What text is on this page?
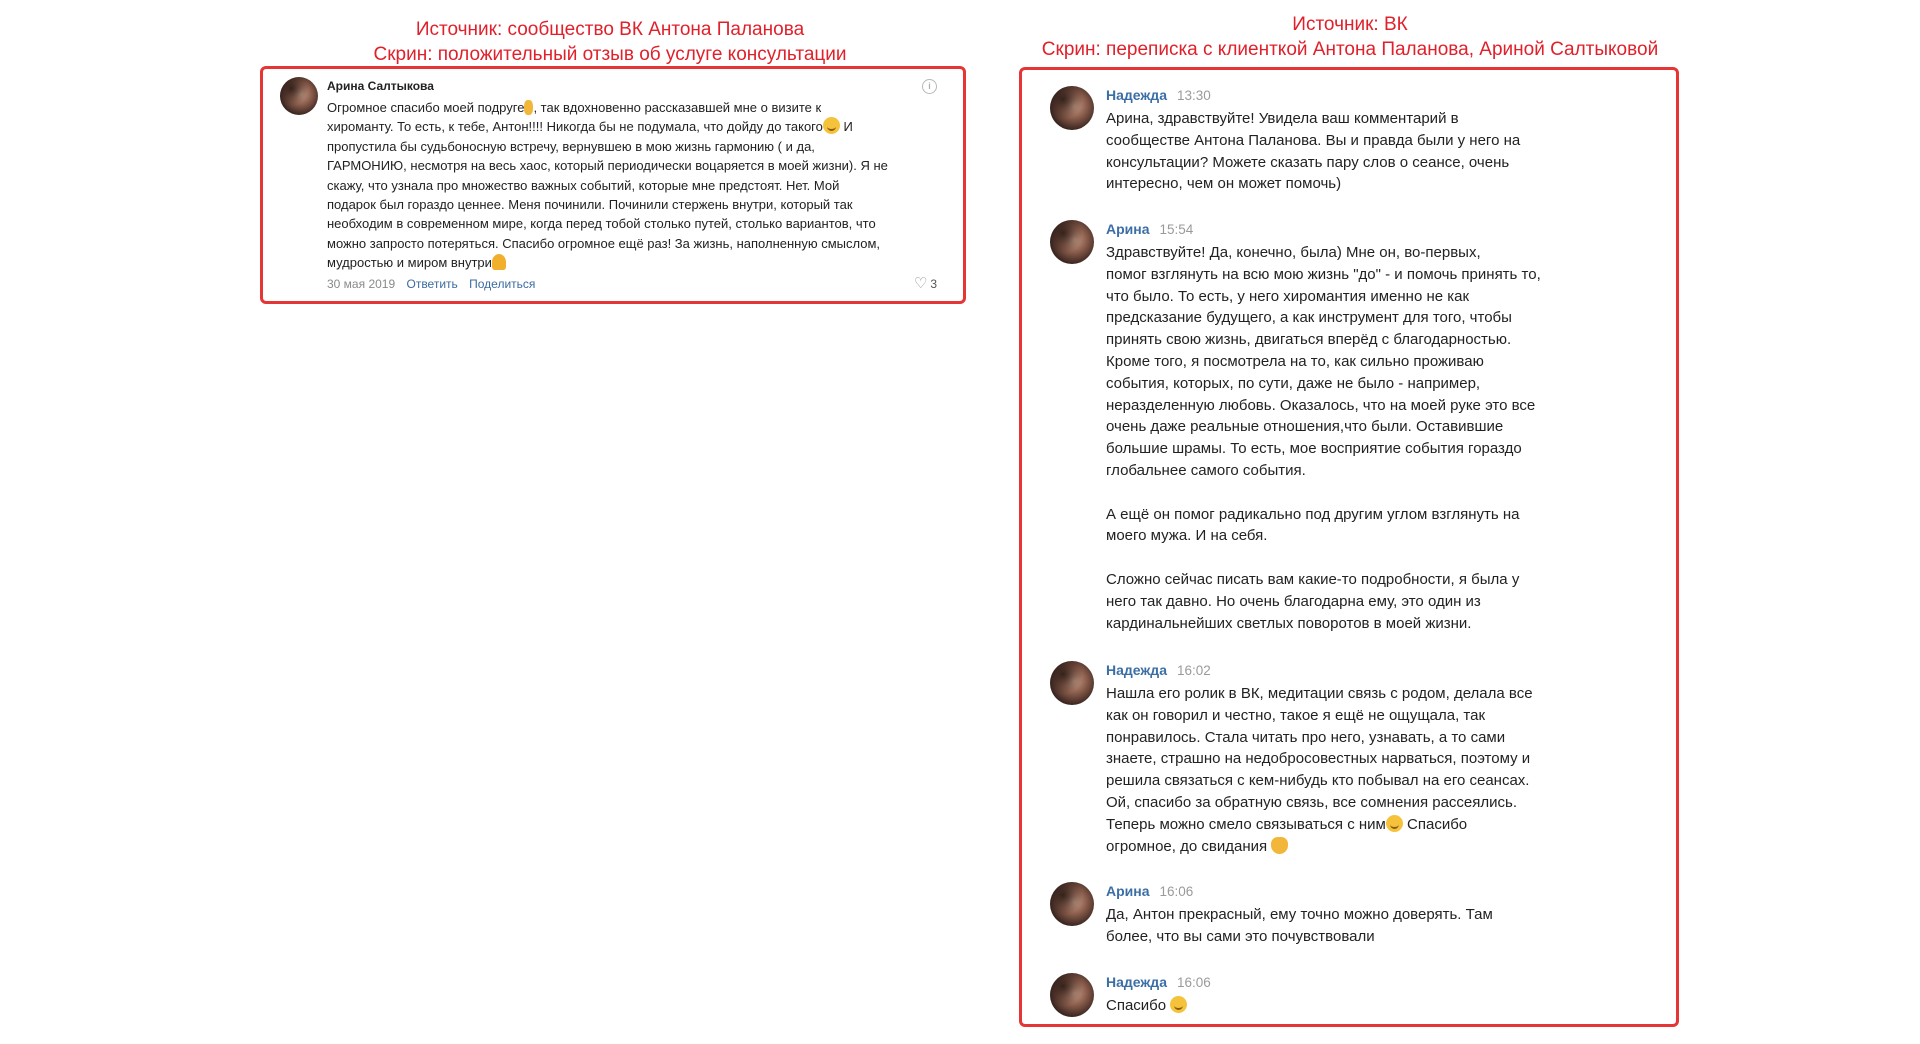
Источник: сообщество ВК Антона Паланова
Скрин: положительный отзыв об услуге консультации
Источник: ВК
Скрин: переписка с клиенткой Антона Паланова, Ариной Салтыковой
Арина Салтыкова	i
Огромное спасибо моей подруге , так вдохновенно рассказавшей мне о визите к
хироманту. То есть, к тебе, Антон!!!! Никогда бы не подумала, что дойду до такого И
пропустила бы судьбоносную встречу, вернувшею в мою жизнь гармонию ( и да,
ГАРМОНИЮ, несмотря на весь хаос, который периодически воцаряется в моей жизни). Я не
скажу, что узнала про множество важных событий, которые мне предстоят. Нет. Мой
подарок был гораздо ценнее. Меня починили. Починили стержень внутри, который так
необходим в современном мире, когда перед тобой столько путей, столько вариантов, что
можно запросто потеряться. Спасибо огромное ещё раз! За жизнь, наполненную смыслом,
мудростью и миром внутри
30 мая 2019 Ответить Поделиться	♡ 3
Надежда 13:30
Арина, здравствуйте! Увидела ваш комментарий в
сообществе Антона Паланова. Вы и правда были у него на
консультации? Можете сказать пару слов о сеансе, очень
интересно, чем он может помочь)
Арина 15:54
Здравствуйте! Да, конечно, была) Мне он, во-первых,
помог взглянуть на всю мою жизнь "до" - и помочь принять то,
что было. То есть, у него хиромантия именно не как
предсказание будущего, а как инструмент для того, чтобы
принять свою жизнь, двигаться вперёд с благодарностью.
Кроме того, я посмотрела на то, как сильно проживаю
события, которых, по сути, даже не было - например,
неразделенную любовь. Оказалось, что на моей руке это все
очень даже реальные отношения,что были. Оставившие
большие шрамы. То есть, мое восприятие события гораздо
глобальнее самого события.
А ещё он помог радикально под другим углом взглянуть на
моего мужа. И на себя.
Сложно сейчас писать вам какие-то подробности, я была у
него так давно. Но очень благодарна ему, это один из
кардинальнейших светлых поворотов в моей жизни.
Надежда 16:02
Нашла его ролик в ВК, медитации связь с родом, делала все
как он говорил и честно, такое я ещё не ощущала, так
понравилось. Стала читать про него, узнавать, а то сами
знаете, страшно на недобросовестных нарваться, поэтому и
решила связаться с кем-нибудь кто побывал на его сеансах.
Ой, спасибо за обратную связь, все сомнения рассеялись.
Теперь можно смело связываться с ним Спасибо
огромное, до свидания
Арина 16:06
Да, Антон прекрасный, ему точно можно доверять. Там
более, что вы сами это почувствовали
Надежда 16:06
Спасибо
